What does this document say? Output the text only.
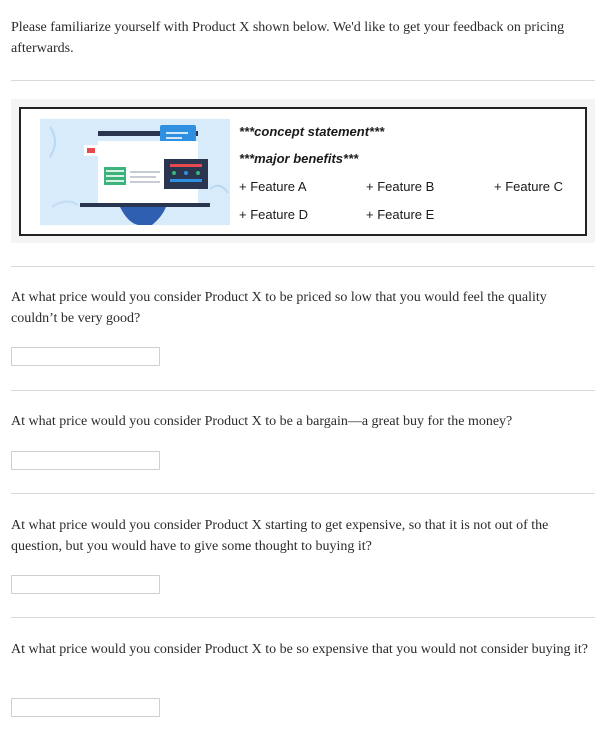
Please familiarize yourself with Product X shown below. We'd like to get your feedback on pricing afterwards.
***concept statement***
***major benefits***
+ Feature A	+ Feature B	+ Feature C
+ Feature D	+ Feature E
At what price would you consider Product X to be priced so low that you would feel the quality couldn’t be very good?
At what price would you consider Product X to be a bargain—a great buy for the money?
At what price would you consider Product X starting to get expensive, so that it is not out of the question, but you would have to give some thought to buying it?
At what price would you consider Product X to be so expensive that you would not consider buying it?
